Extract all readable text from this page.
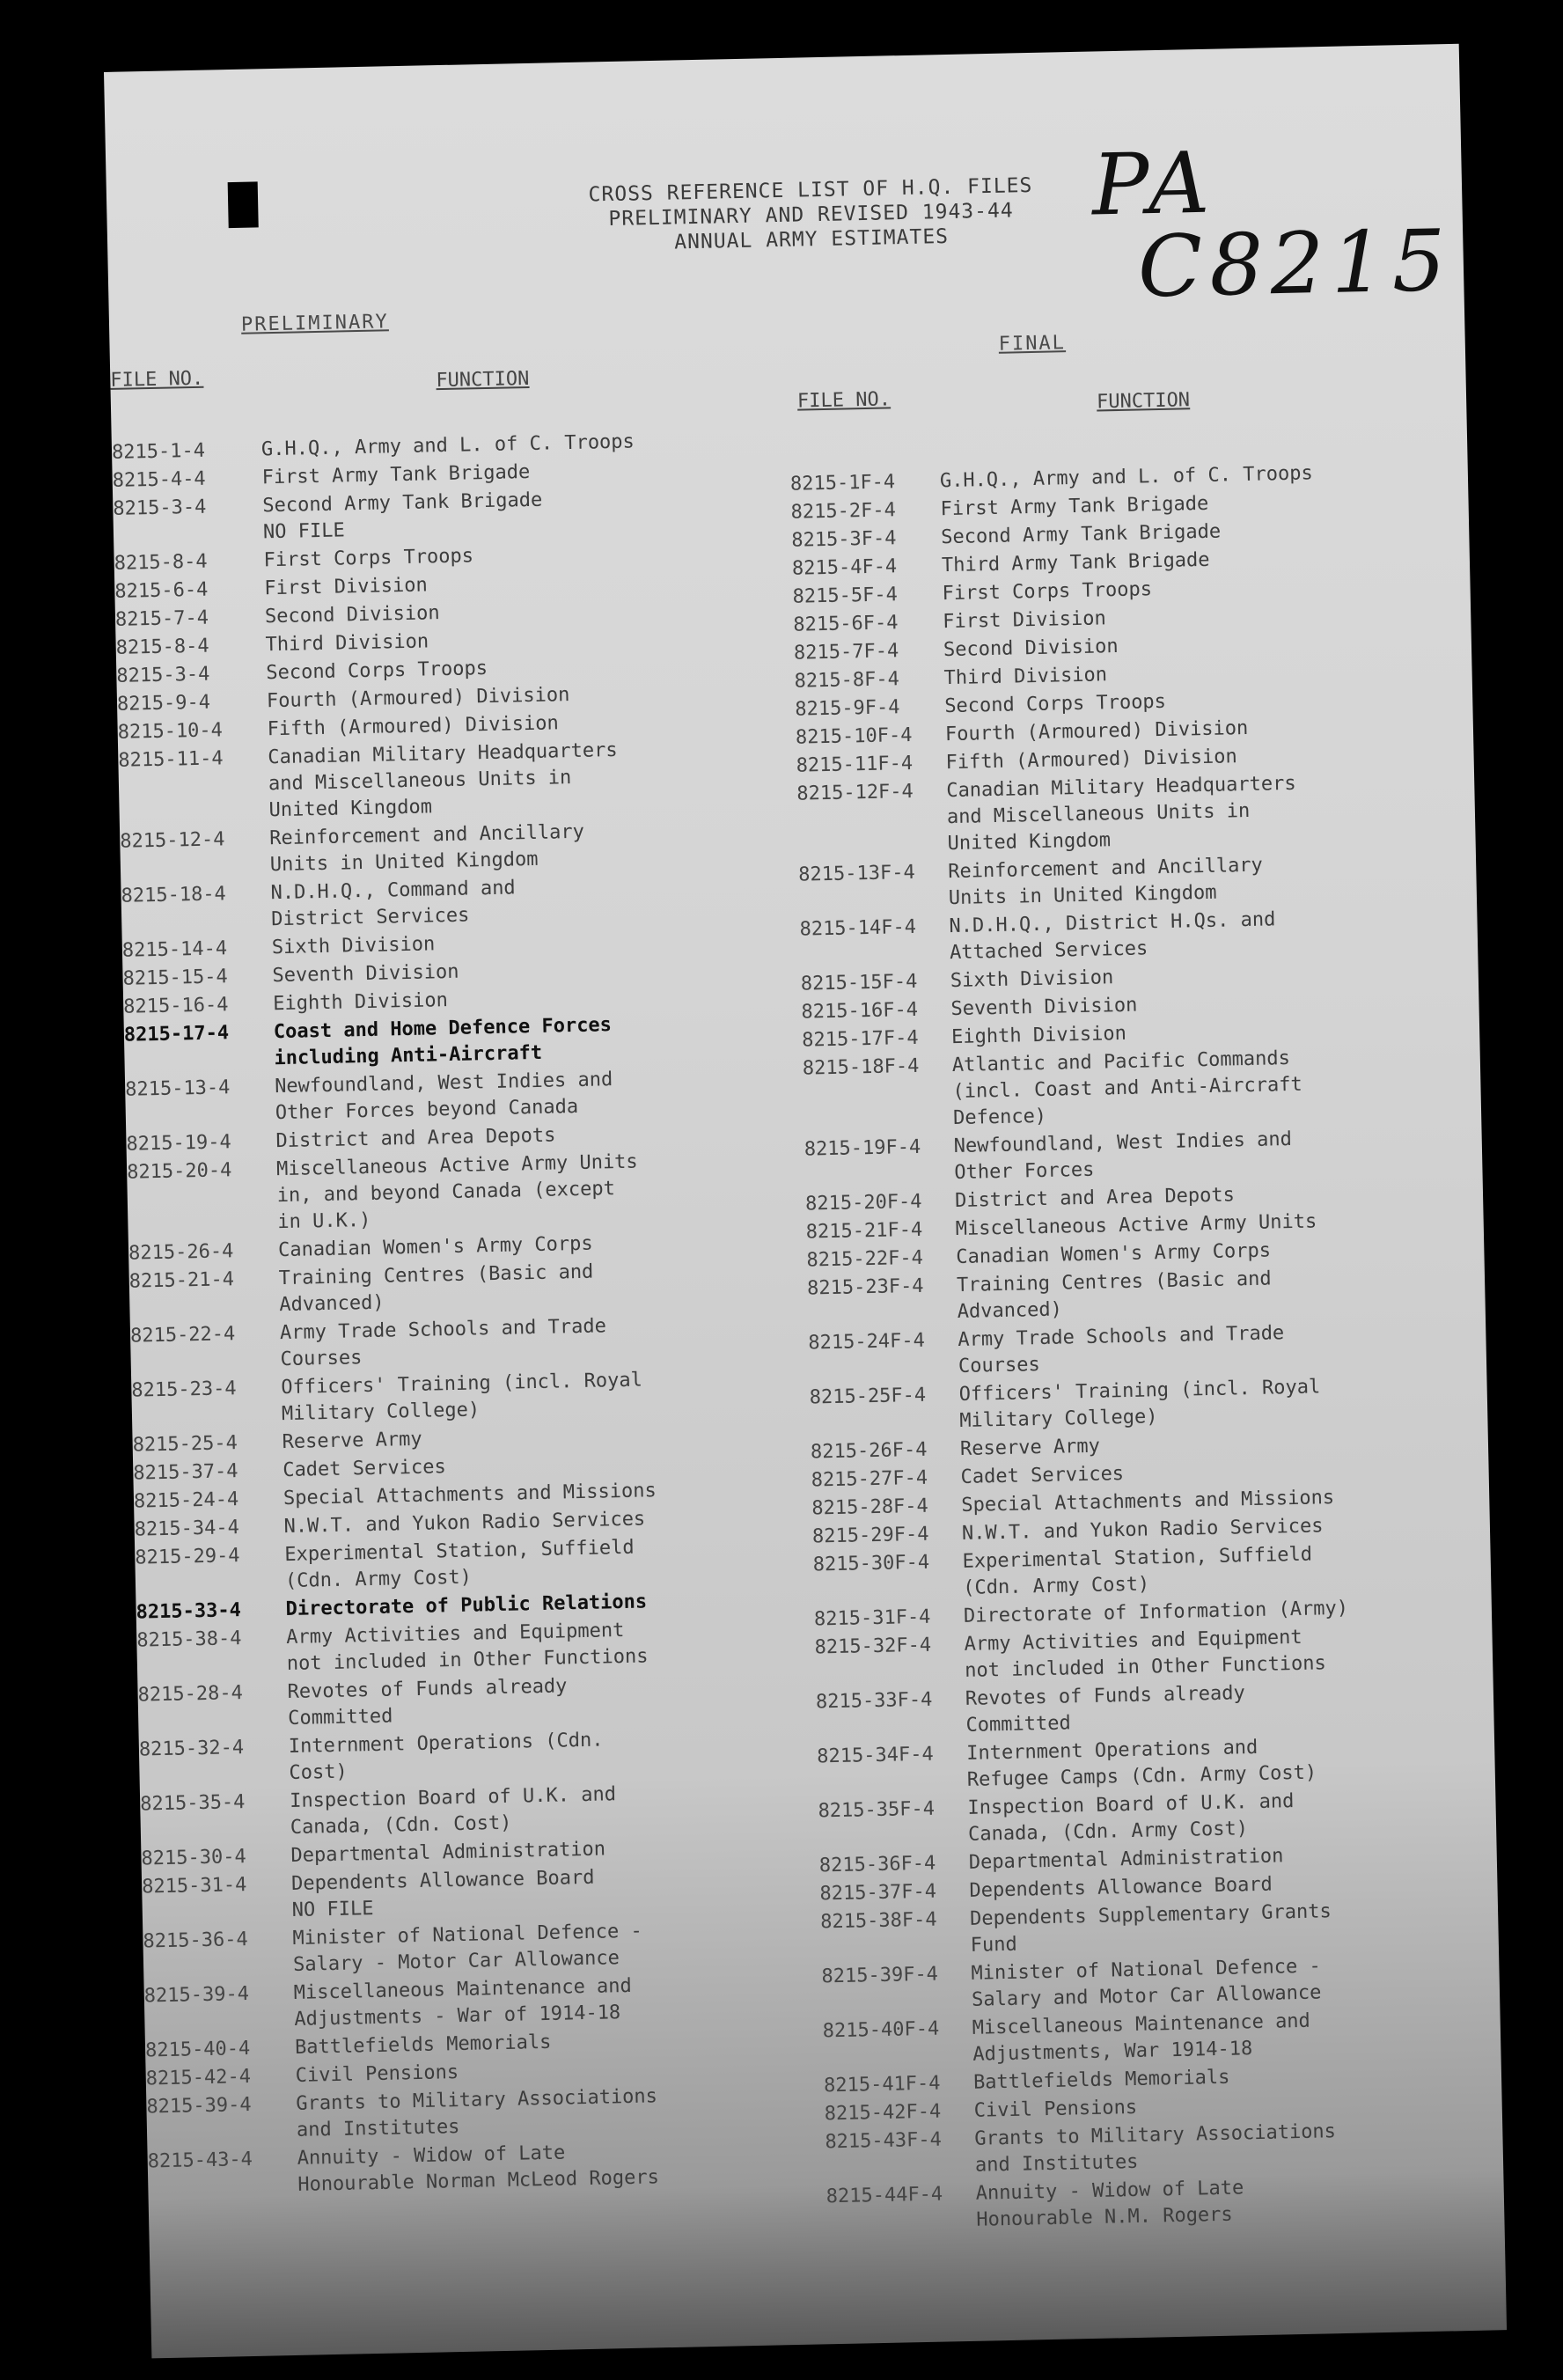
CROSS REFERENCE LIST OF H.Q. FILES
PRELIMINARY AND REVISED 1943-44
ANNUAL ARMY ESTIMATES
PA
C8215
PRELIMINARY
FILE NO.	FUNCTION
FINAL
FILE NO.	FUNCTION
8215-1-4	G.H.Q., Army and L. of C. Troops
8215-4-4	First Army Tank Brigade
8215-3-4	Second Army Tank Brigade
NO FILE
8215-8-4	First Corps Troops
8215-6-4	First Division
8215-7-4	Second Division
8215-8-4	Third Division
8215-3-4	Second Corps Troops
8215-9-4	Fourth (Armoured) Division
8215-10-4	Fifth (Armoured) Division
8215-11-4	Canadian Military Headquarters
and Miscellaneous Units in
United Kingdom
8215-12-4	Reinforcement and Ancillary
Units in United Kingdom
8215-18-4	N.D.H.Q., Command and
District Services
8215-14-4	Sixth Division
8215-15-4	Seventh Division
8215-16-4	Eighth Division
8215-17-4	Coast and Home Defence Forces
including Anti-Aircraft
8215-13-4	Newfoundland, West Indies and
Other Forces beyond Canada
8215-19-4	District and Area Depots
8215-20-4	Miscellaneous Active Army Units
in, and beyond Canada (except
in U.K.)
8215-26-4	Canadian Women's Army Corps
8215-21-4	Training Centres (Basic and
Advanced)
8215-22-4	Army Trade Schools and Trade
Courses
8215-23-4	Officers' Training (incl. Royal
Military College)
8215-25-4	Reserve Army
8215-37-4	Cadet Services
8215-24-4	Special Attachments and Missions
8215-34-4	N.W.T. and Yukon Radio Services
8215-29-4	Experimental Station, Suffield
(Cdn. Army Cost)
8215-33-4	Directorate of Public Relations
8215-38-4	Army Activities and Equipment
not included in Other Functions
8215-28-4	Revotes of Funds already
Committed
8215-32-4	Internment Operations (Cdn.
Cost)
8215-35-4	Inspection Board of U.K. and
Canada, (Cdn. Cost)
8215-30-4	Departmental Administration
8215-31-4	Dependents Allowance Board
NO FILE
8215-36-4	Minister of National Defence -
Salary - Motor Car Allowance
8215-39-4	Miscellaneous Maintenance and
Adjustments - War of 1914-18
8215-40-4	Battlefields Memorials
8215-42-4	Civil Pensions
8215-39-4	Grants to Military Associations
and Institutes
8215-43-4	Annuity - Widow of Late
Honourable Norman McLeod Rogers
8215-1F-4	G.H.Q., Army and L. of C. Troops
8215-2F-4	First Army Tank Brigade
8215-3F-4	Second Army Tank Brigade
8215-4F-4	Third Army Tank Brigade
8215-5F-4	First Corps Troops
8215-6F-4	First Division
8215-7F-4	Second Division
8215-8F-4	Third Division
8215-9F-4	Second Corps Troops
8215-10F-4	Fourth (Armoured) Division
8215-11F-4	Fifth (Armoured) Division
8215-12F-4	Canadian Military Headquarters
and Miscellaneous Units in
United Kingdom
8215-13F-4	Reinforcement and Ancillary
Units in United Kingdom
8215-14F-4	N.D.H.Q., District H.Qs. and
Attached Services
8215-15F-4	Sixth Division
8215-16F-4	Seventh Division
8215-17F-4	Eighth Division
8215-18F-4	Atlantic and Pacific Commands
(incl. Coast and Anti-Aircraft
Defence)
8215-19F-4	Newfoundland, West Indies and
Other Forces
8215-20F-4	District and Area Depots
8215-21F-4	Miscellaneous Active Army Units
8215-22F-4	Canadian Women's Army Corps
8215-23F-4	Training Centres (Basic and
Advanced)
8215-24F-4	Army Trade Schools and Trade
Courses
8215-25F-4	Officers' Training (incl. Royal
Military College)
8215-26F-4	Reserve Army
8215-27F-4	Cadet Services
8215-28F-4	Special Attachments and Missions
8215-29F-4	N.W.T. and Yukon Radio Services
8215-30F-4	Experimental Station, Suffield
(Cdn. Army Cost)
8215-31F-4	Directorate of Information (Army)
8215-32F-4	Army Activities and Equipment
not included in Other Functions
8215-33F-4	Revotes of Funds already
Committed
8215-34F-4	Internment Operations and
Refugee Camps (Cdn. Army Cost)
8215-35F-4	Inspection Board of U.K. and
Canada, (Cdn. Army Cost)
8215-36F-4	Departmental Administration
8215-37F-4	Dependents Allowance Board
8215-38F-4	Dependents Supplementary Grants
Fund
8215-39F-4	Minister of National Defence -
Salary and Motor Car Allowance
8215-40F-4	Miscellaneous Maintenance and
Adjustments, War 1914-18
8215-41F-4	Battlefields Memorials
8215-42F-4	Civil Pensions
8215-43F-4	Grants to Military Associations
and Institutes
8215-44F-4	Annuity - Widow of Late
Honourable N.M. Rogers
